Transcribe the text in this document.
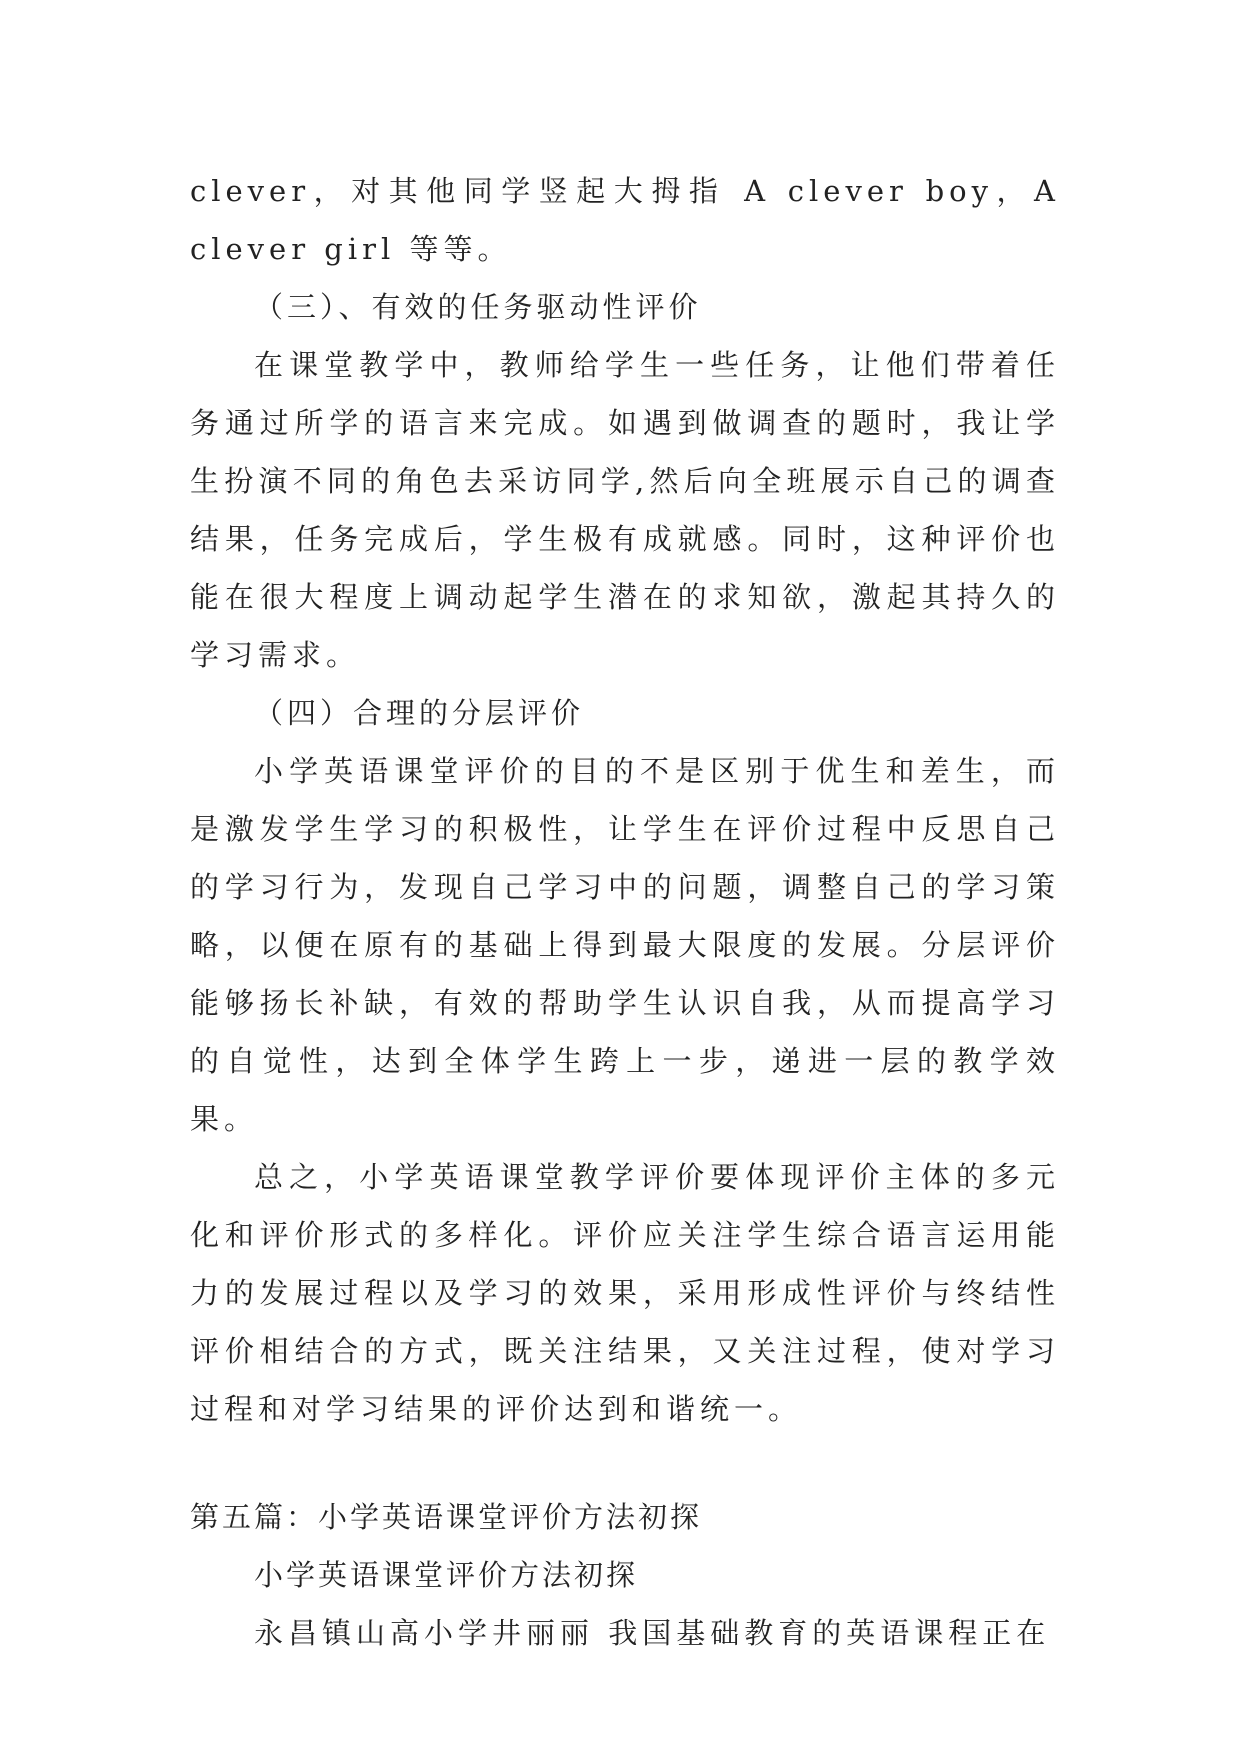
clever，对其他同学竖起大拇指 A clever boy，A clever girl 等等。

（三）、有效的任务驱动性评价

在课堂教学中，教师给学生一些任务，让他们带着任务通过所学的语言来完成。如遇到做调查的题时，我让学生扮演不同的角色去采访同学,然后向全班展示自己的调查结果，任务完成后，学生极有成就感。同时，这种评价也能在很大程度上调动起学生潜在的求知欲，激起其持久的学习需求。

（四）合理的分层评价

小学英语课堂评价的目的不是区别于优生和差生，而是激发学生学习的积极性，让学生在评价过程中反思自己的学习行为，发现自己学习中的问题，调整自己的学习策略，以便在原有的基础上得到最大限度的发展。分层评价能够扬长补缺，有效的帮助学生认识自我，从而提高学习的自觉性，达到全体学生跨上一步，递进一层的教学效果。

总之，小学英语课堂教学评价要体现评价主体的多元化和评价形式的多样化。评价应关注学生综合语言运用能力的发展过程以及学习的效果，采用形成性评价与终结性评价相结合的方式，既关注结果，又关注过程，使对学习过程和对学习结果的评价达到和谐统一。

第五篇：小学英语课堂评价方法初探

小学英语课堂评价方法初探

永昌镇山高小学井丽丽 我国基础教育的英语课程正在
